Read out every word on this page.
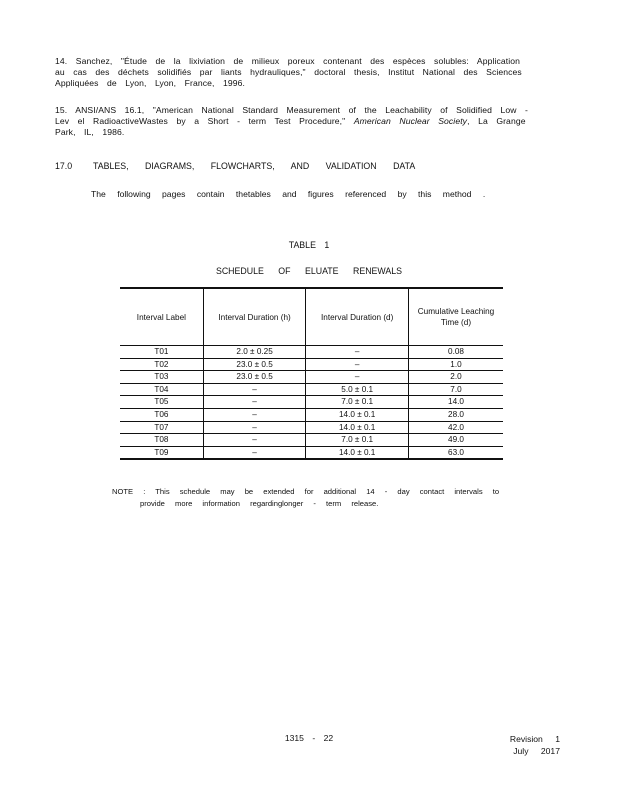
14. Sanchez, "Étude de la lixiviation de milieux poreux contenant des espèces solubles: Application

au cas des déchets solidifiés par liants hydrauliques," doctoral thesis, Institut National des Sciences

Appliquées de Lyon, Lyon, France, 1996.

15. ANSI/ANS 16.1, "American National Standard Measurement of the Leachability of Solidified Low -

Lev el RadioactiveWastes by a Short - term Test Procedure," American Nuclear Society, La Grange

Park, IL, 1986.

17.0 TABLES, DIAGRAMS, FLOWCHARTS, AND VALIDATION DATA
The following pages contain thetables and figures referenced by this method .
TABLE 1
SCHEDULE OF ELUATE RENEWALS
Interval Label	Interval Duration (h)	Interval Duration (d)	Cumulative Leaching Time (d)
T01	2.0 ± 0.25	–	0.08
T02	23.0 ± 0.5	–	1.0
T03	23.0 ± 0.5	–	2.0
T04	–	5.0 ± 0.1	7.0
T05	–	7.0 ± 0.1	14.0
T06	–	14.0 ± 0.1	28.0
T07	–	14.0 ± 0.1	42.0
T08	–	7.0 ± 0.1	49.0
T09	–	14.0 ± 0.1	63.0
NOTE : This schedule may be extended for additional 14 - day contact intervals to
provide more information regardinglonger - term release.
1315 - 22	Revision 1
July 2017
